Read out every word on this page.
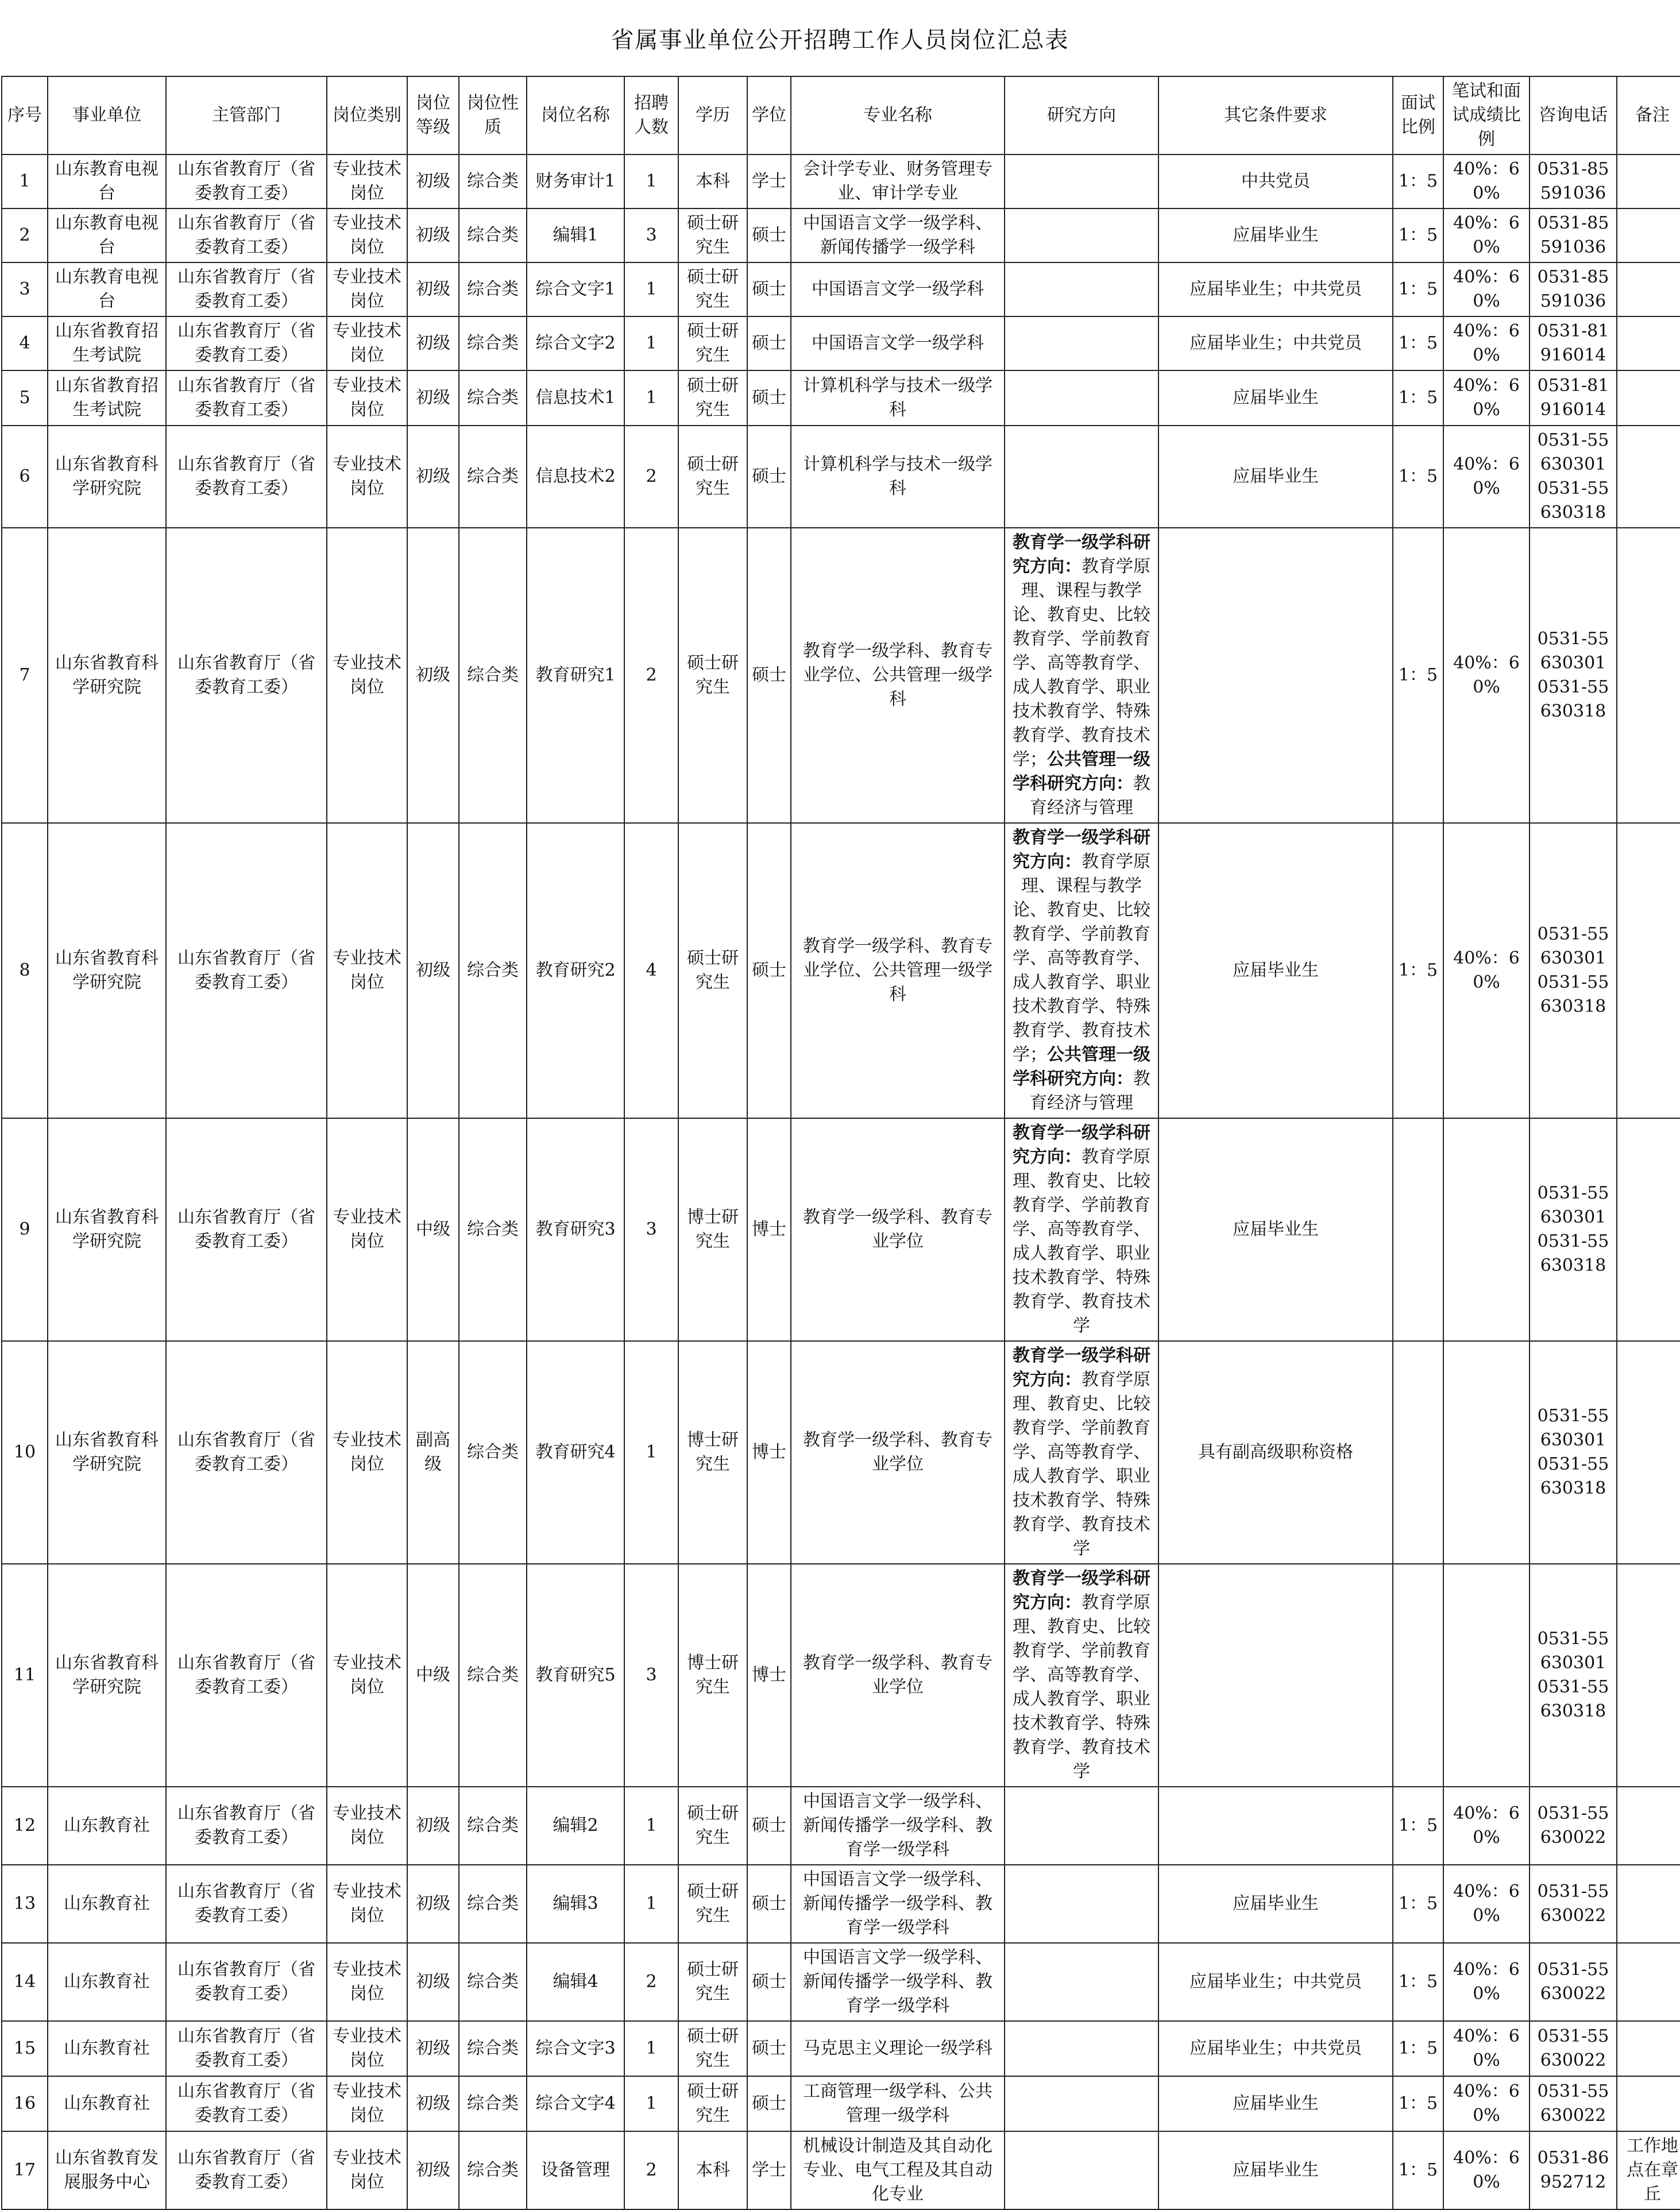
省属事业单位公开招聘工作人员岗位汇总表
序号	事业单位	主管部门	岗位类别	岗位等级	岗位性质	岗位名称	招聘人数	学历	学位	专业名称	研究方向	其它条件要求	面试比例	笔试和面试成绩比例	咨询电话	备注
1	山东教育电视台	山东省教育厅（省委教育工委）	专业技术岗位	初级	综合类	财务审计1	1	本科	学士	会计学专业、财务管理专业、审计学专业		中共党员	1：5	40%：60%	0531-85591036	

2	山东教育电视台	山东省教育厅（省委教育工委）	专业技术岗位	初级	综合类	编辑1	3	硕士研究生	硕士	中国语言文学一级学科、新闻传播学一级学科		应届毕业生	1：5	40%：60%	0531-85591036	

3	山东教育电视台	山东省教育厅（省委教育工委）	专业技术岗位	初级	综合类	综合文字1	1	硕士研究生	硕士	中国语言文学一级学科		应届毕业生；中共党员	1：5	40%：60%	0531-85591036	

4	山东省教育招生考试院	山东省教育厅（省委教育工委）	专业技术岗位	初级	综合类	综合文字2	1	硕士研究生	硕士	中国语言文学一级学科		应届毕业生；中共党员	1：5	40%：60%	0531-81916014	

5	山东省教育招生考试院	山东省教育厅（省委教育工委）	专业技术岗位	初级	综合类	信息技术1	1	硕士研究生	硕士	计算机科学与技术一级学科		应届毕业生	1：5	40%：60%	0531-81916014	

6	山东省教育科学研究院	山东省教育厅（省委教育工委）	专业技术岗位	初级	综合类	信息技术2	2	硕士研究生	硕士	计算机科学与技术一级学科		应届毕业生	1：5	40%：60%	0531-55630301
0531-55630318	

7	山东省教育科学研究院	山东省教育厅（省委教育工委）	专业技术岗位	初级	综合类	教育研究1	2	硕士研究生	硕士	教育学一级学科、教育专业学位、公共管理一级学科	教育学一级学科研究方向：教育学原理、课程与教学论、教育史、比较教育学、学前教育学、高等教育学、成人教育学、职业技术教育学、特殊教育学、教育技术学；公共管理一级学科研究方向：教育经济与管理		1：5	40%：60%	0531-55630301
0531-55630318	

8	山东省教育科学研究院	山东省教育厅（省委教育工委）	专业技术岗位	初级	综合类	教育研究2	4	硕士研究生	硕士	教育学一级学科、教育专业学位、公共管理一级学科	教育学一级学科研究方向：教育学原理、课程与教学论、教育史、比较教育学、学前教育学、高等教育学、成人教育学、职业技术教育学、特殊教育学、教育技术学；公共管理一级学科研究方向：教育经济与管理	应届毕业生	1：5	40%：60%	0531-55630301
0531-55630318	

9	山东省教育科学研究院	山东省教育厅（省委教育工委）	专业技术岗位	中级	综合类	教育研究3	3	博士研究生	博士	教育学一级学科、教育专业学位	教育学一级学科研究方向：教育学原理、教育史、比较教育学、学前教育学、高等教育学、成人教育学、职业技术教育学、特殊教育学、教育技术学	应届毕业生			0531-55630301
0531-55630318	

10	山东省教育科学研究院	山东省教育厅（省委教育工委）	专业技术岗位	副高级	综合类	教育研究4	1	博士研究生	博士	教育学一级学科、教育专业学位	教育学一级学科研究方向：教育学原理、教育史、比较教育学、学前教育学、高等教育学、成人教育学、职业技术教育学、特殊教育学、教育技术学	具有副高级职称资格			0531-55630301
0531-55630318	

11	山东省教育科学研究院	山东省教育厅（省委教育工委）	专业技术岗位	中级	综合类	教育研究5	3	博士研究生	博士	教育学一级学科、教育专业学位	教育学一级学科研究方向：教育学原理、教育史、比较教育学、学前教育学、高等教育学、成人教育学、职业技术教育学、特殊教育学、教育技术学				0531-55630301
0531-55630318	

12	山东教育社	山东省教育厅（省委教育工委）	专业技术岗位	初级	综合类	编辑2	1	硕士研究生	硕士	中国语言文学一级学科、新闻传播学一级学科、教育学一级学科			1：5	40%：60%	0531-55630022	

13	山东教育社	山东省教育厅（省委教育工委）	专业技术岗位	初级	综合类	编辑3	1	硕士研究生	硕士	中国语言文学一级学科、新闻传播学一级学科、教育学一级学科		应届毕业生	1：5	40%：60%	0531-55630022	

14	山东教育社	山东省教育厅（省委教育工委）	专业技术岗位	初级	综合类	编辑4	2	硕士研究生	硕士	中国语言文学一级学科、新闻传播学一级学科、教育学一级学科		应届毕业生；中共党员	1：5	40%：60%	0531-55630022	

15	山东教育社	山东省教育厅（省委教育工委）	专业技术岗位	初级	综合类	综合文字3	1	硕士研究生	硕士	马克思主义理论一级学科		应届毕业生；中共党员	1：5	40%：60%	0531-55630022	

16	山东教育社	山东省教育厅（省委教育工委）	专业技术岗位	初级	综合类	综合文字4	1	硕士研究生	硕士	工商管理一级学科、公共管理一级学科		应届毕业生	1：5	40%：60%	0531-55630022	

17	山东省教育发展服务中心	山东省教育厅（省委教育工委）	专业技术岗位	初级	综合类	设备管理	2	本科	学士	机械设计制造及其自动化专业、电气工程及其自动化专业		应届毕业生	1：5	40%：60%	0531-86952712	工作地点在章丘
